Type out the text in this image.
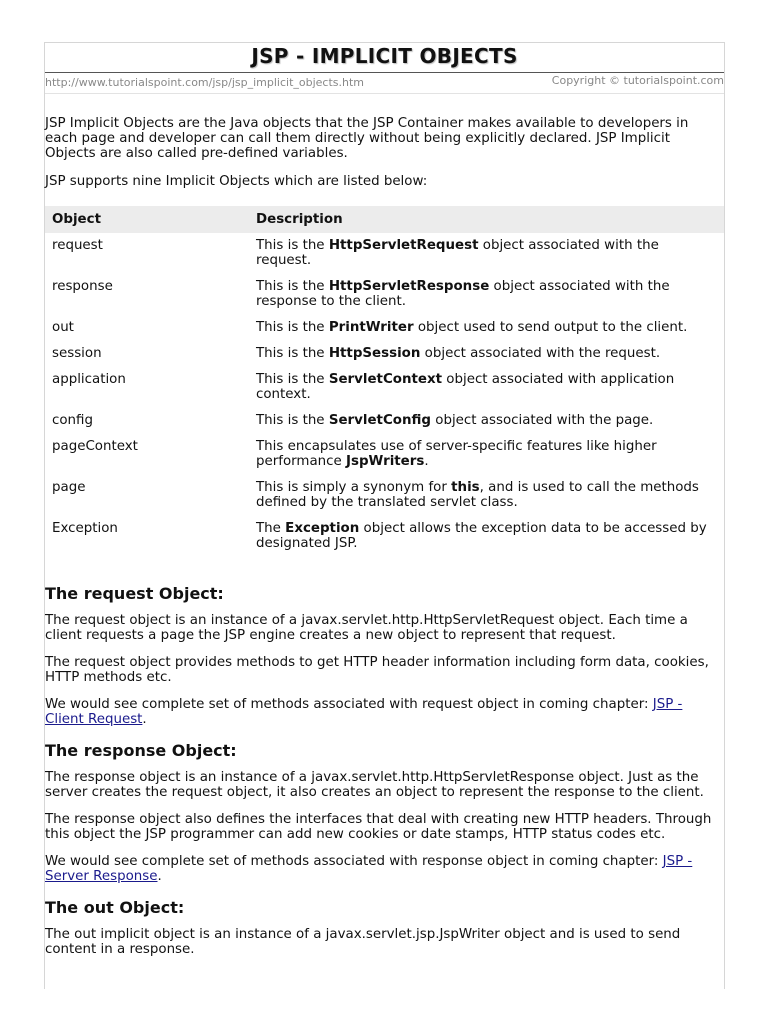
JSP - IMPLICIT OBJECTS
http://www.tutorialspoint.com/jsp/jsp_implicit_objects.htm	Copyright © tutorialspoint.com

JSP Implicit Objects are the Java objects that the JSP Container makes available to developers in each page and developer can call them directly without being explicitly declared. JSP Implicit Objects are also called pre-defined variables.

JSP supports nine Implicit Objects which are listed below:

Object	Description
request	This is the HttpServletRequest object associated with the request.
response	This is the HttpServletResponse object associated with the response to the client.
out	This is the PrintWriter object used to send output to the client.
session	This is the HttpSession object associated with the request.
application	This is the ServletContext object associated with application context.
config	This is the ServletConfig object associated with the page.
pageContext	This encapsulates use of server-specific features like higher performance JspWriters.
page	This is simply a synonym for this, and is used to call the methods defined by the translated servlet class.
Exception	The Exception object allows the exception data to be accessed by designated JSP.
The request Object:

The request object is an instance of a javax.servlet.http.HttpServletRequest object. Each time a client requests a page the JSP engine creates a new object to represent that request.

The request object provides methods to get HTTP header information including form data, cookies, HTTP methods etc.

We would see complete set of methods associated with request object in coming chapter: JSP - Client Request.

The response Object:

The response object is an instance of a javax.servlet.http.HttpServletResponse object. Just as the server creates the request object, it also creates an object to represent the response to the client.

The response object also defines the interfaces that deal with creating new HTTP headers. Through this object the JSP programmer can add new cookies or date stamps, HTTP status codes etc.

We would see complete set of methods associated with response object in coming chapter: JSP - Server Response.

The out Object:

The out implicit object is an instance of a javax.servlet.jsp.JspWriter object and is used to send content in a response.
